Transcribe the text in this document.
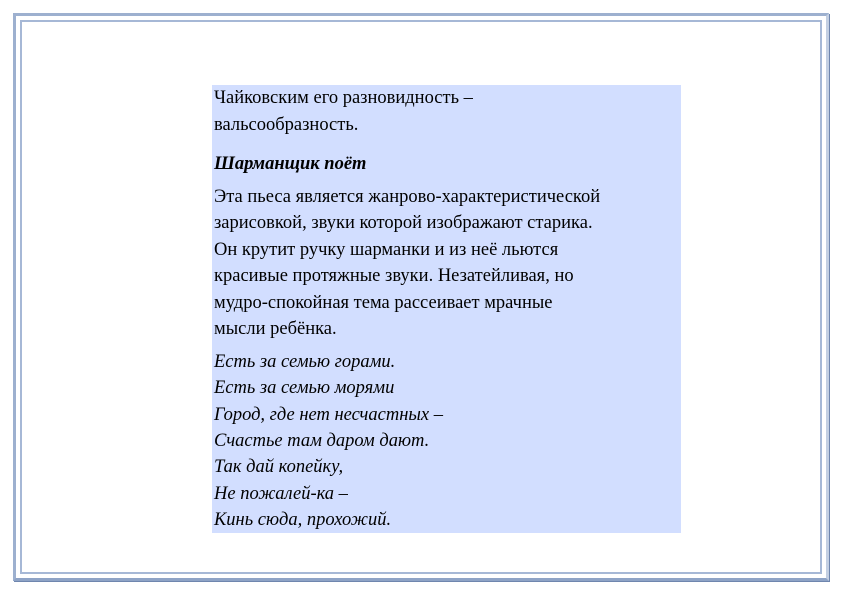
Чайковским его разновидность –
вальсообразность.
Шарманщик поёт
Эта пьеса является жанрово-характеристической
зарисовкой, звуки которой изображают старика.
Он крутит ручку шарманки и из неё льются
красивые протяжные звуки. Незатейливая, но
мудро-спокойная тема рассеивает мрачные
мысли ребёнка.
Есть за семью горами.
Есть за семью морями
Город, где нет несчастных –
Счастье там даром дают.
Так дай копейку,
Не пожалей-ка –
Кинь сюда, прохожий.
